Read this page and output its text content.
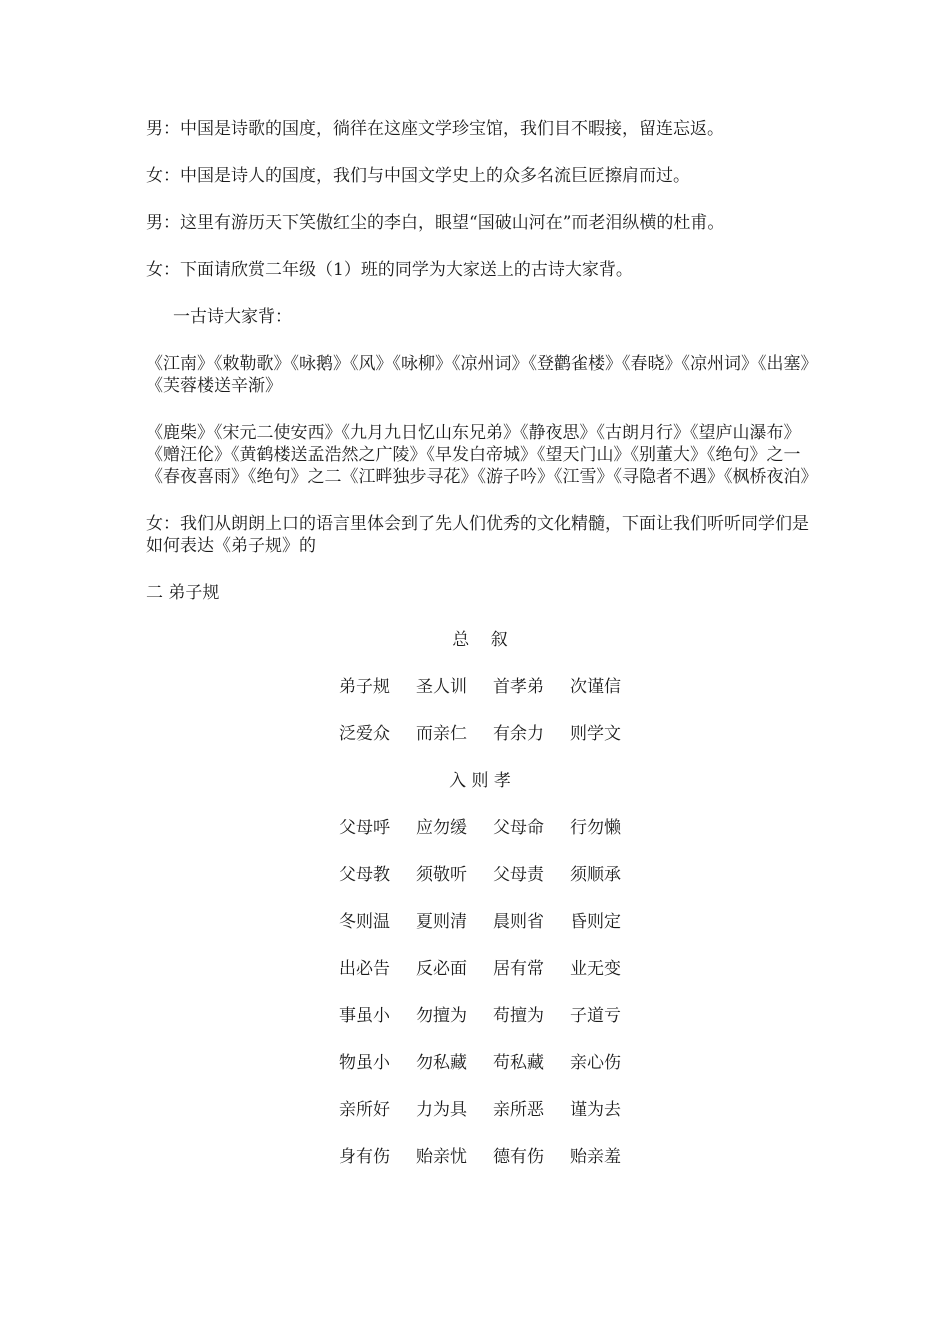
男：中国是诗歌的国度，徜徉在这座文学珍宝馆，我们目不暇接，留连忘返。

女：中国是诗人的国度，我们与中国文学史上的众多名流巨匠擦肩而过。

男：这里有游历天下笑傲红尘的李白，眼望“国破山河在”而老泪纵横的杜甫。

女：下面请欣赏二年级（1）班的同学为大家送上的古诗大家背。

一古诗大家背：

《江南》《敕勒歌》《咏鹅》《风》《咏柳》《凉州词》《登鹳雀楼》《春晓》《凉州词》《出塞》《芙蓉楼送辛渐》

《鹿柴》《宋元二使安西》《九月九日忆山东兄弟》《静夜思》《古朗月行》《望庐山瀑布》《赠汪伦》《黄鹤楼送孟浩然之广陵》《早发白帝城》《望天门山》《别董大》《绝句》之一 《春夜喜雨》《绝句》之二《江畔独步寻花》《游子吟》《江雪》《寻隐者不遇》《枫桥夜泊》

女：我们从朗朗上口的语言里体会到了先人们优秀的文化精髓，下面让我们听听同学们是如何表达《弟子规》的

二 弟子规

总    叙
弟子规 圣人训 首孝弟 次谨信
泛爱众 而亲仁 有余力 则学文
入 则 孝
父母呼 应勿缓 父母命 行勿懒
父母教 须敬听 父母责 须顺承
冬则温 夏则清 晨则省 昏则定
出必告 反必面 居有常 业无变
事虽小 勿擅为 苟擅为 子道亏
物虽小 勿私藏 苟私藏 亲心伤
亲所好 力为具 亲所恶 谨为去
身有伤 贻亲忧 德有伤 贻亲羞
